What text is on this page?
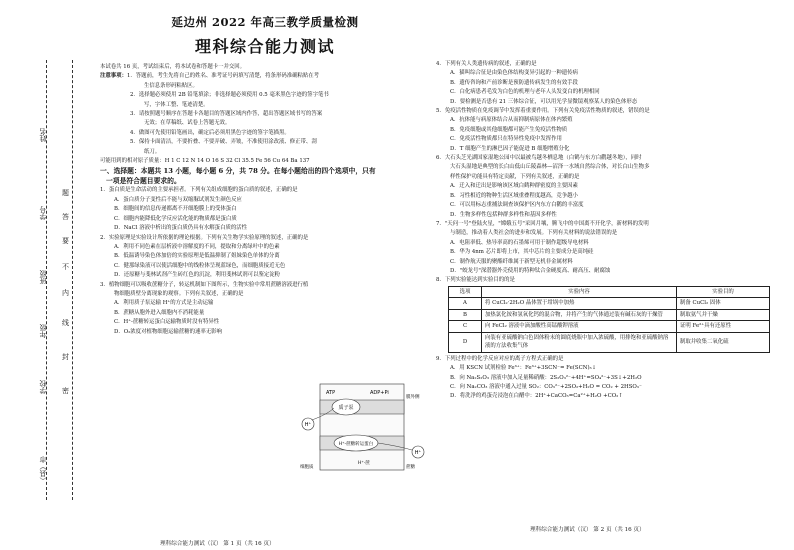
姓名
学号
班级
年级
学校
（县）市
题
答
要
不
内
线
封
密
延边州 2022 年高三教学质量检测
理科综合能力测试
本试卷共 16 页，考试结束后，将本试卷和答题卡一并交回。
注意事项：1．答题前，考生先将自己的姓名、准考证号码填写清楚，将条形码准确粘贴在考
生信息条形码粘贴区。
2．选择题必须使用 2B 铅笔填涂；非选择题必须使用 0.5 毫米黑色字迹的签字笔书
写，字体工整、笔迹清楚。
3．请按照题号顺序在答题卡各题目的答题区域内作答，超出答题区域书写的答案
无效；在草稿纸、试卷上答题无效。
4．做图可先使用铅笔画出，确定后必须用黑色字迹的签字笔描黑。
5．保持卡面清洁，不要折叠、不要弄破、弄皱，不准使用涂改液、修正带、刮
纸刀。
可能用到的相对原子质量：H 1 C 12 N 14 O 16 S 32 Cl 35.5 Fe 56 Cu 64 Ba 137
一、选择题：本题共 13 小题，每小题 6 分，共 78 分。在每小题给出的四个选项中，只有
一项是符合题目要求的。
1．蛋白质是生命活动的主要承担者。下列有关组成细胞的蛋白质的叙述，正确的是
A．蛋白质分子变性后不能与双缩脲试剂发生颜色反应
B．细胞间的信息传递都离不开细胞膜上的受体蛋白
C．细胞内能降低化学反应活化能的物质都是蛋白质
D．NaCl 溶液中析出的蛋白质仍具有水解蛋白质的活性
2．实验原理是实验设计所依据的理论根据。下列有关生物学实验原理的叙述，正确的是
A．利用不同色素在层析液中溶解度的不同，提取和分离绿叶中的色素
B．低温诱导染色体加倍的实验原理是低温抑制了姐妹染色单体的分离
C．健那绿染液可以使活细胞中的线粒体呈现蓝绿色，而细胞质接近无色
D．还原糖与斐林试剂产生砖红色的沉淀，利用斐林试剂可以鉴定淀粉
3．植物细胞可以吸收蔗糖分子，转运机制如下图所示，生物实验中常用蔗糖溶液进行植
物细胞质壁分离现象的观察。下列有关叙述，正确的是
A．利用质子泵运输 H⁺的方式是主动运输
B．蔗糖从胞外进入细胞内不消耗能量
C．H⁺-蔗糖转运蛋白运输物质时没有特异性
D．O₂浓度对植物细胞运输蔗糖的速率无影响
质子泵
H⁺-蔗糖转运蛋白
H⁺
H⁺
ATP	ADP+Pi
膜外侧
细胞质
H⁺·蔗
蔗糖
理科综合能力测试（汉） 第 1 页（共 16 页）
4．下列有关人类遗传病的叙述，正确的是
A．猫叫综合征是由染色体结构变异引起的一种遗传病
B．遗传咨询和产前诊断是预防遗传病发生的有效手段
C．白化病患者毛发为白色的机理与老年人头发变白的机理相同
D．要检测是否患有 21 三体综合征，可以用光学显微镜观察某人的染色体形态
5．免疫活性物质在免疫调节中发挥着重要作用。下列有关免疫活性物质的叙述，错误的是
A．抗体能与病原体结合从而抑制病原体在体内繁殖
B．免疫细胞或其他细胞都可能产生免疫活性物质
C．免疫活性物质都只在特异性免疫中发挥作用
D．T 细胞产生的淋巴因子能促进 B 细胞增殖分化
6．大石头芝光湖国家湿地公园中以最被鸟越冬栖息地（白鹤与东方白鹳越冬地），同时
大石头湿地是典型的长白山低山丘陵森林—沼泽一水域自然综合体，对长白山生物多
样性保护功能具有特定贡献，下列有关叙述，正确的是
A．迁入和迁出是影响该区域白鹤种群密度的主要因素
B．习性相近的物种生活区域重叠程度越高，竞争越小
C．可以用标志重捕法调查该保护区内东方白鹳的丰富度
D．生物多样性包括种群多样性和基因多样性
7．"天问一号"登陆火星，"嫦娥五号"采回月壤，腾飞中的中国离不开化学，新材料的发明
与制造，推动着人类社会的进步和发展。下列有关材料的说法错误的是
A．电阻率低、热导率高的石墨烯可用于制作超级导电材料
B．华为 4nm 芯片即将上市，其中芯片的主要成分是高纯硅
C．制作航天服的聚酯纤维属于新型无机非金属材料
D．"蛟龙号"深潜器外壳使用的特种钛合金硬度高、耐高压、耐腐蚀
8．下列实验能达到实验目的的是
选项	实验内容	实验目的
A	将 CuCl₂·2H₂O 晶体置于坩埚中加热	制备 CuCl₂ 固体
B	加热氯化铵和氢氧化钙的混合物，并将产生的气体通过装有碱石灰的干燥管	制取氨气并干燥
C	向 FeCl₂ 溶液中滴加酸性高锰酸钾溶液	证明 Fe²⁺具有还原性
D	向装有亚硫酸钠白色固体粉末的圆底烧瓶中加入浓硫酸，用排饱和亚硫酸钠溶液的方法收集气体	制取并收集二氧化硫
9．下列过程中的化学反应对应的离子方程式正确的是
A．用 KSCN 试剂检验 Fe³⁺：Fe³⁺+3SCN⁻= Fe(SCN)₃↓
B．向 Na₂S₂O₃ 溶液中加入足量稀硝酸：2S₂O₃²⁻+4H⁺=SO₄²⁻+3S↓+2H₂O
C．向 Na₂CO₃ 溶液中通入过量 SO₂：CO₃²⁻+2SO₂+H₂O = CO₂ + 2HSO₃⁻
D．将洗净的鸡蛋壳浸泡在白醋中：2H⁺+CaCO₃=Ca²⁺+H₂O +CO₂↑
理科综合能力测试（汉） 第 2 页（共 16 页）
